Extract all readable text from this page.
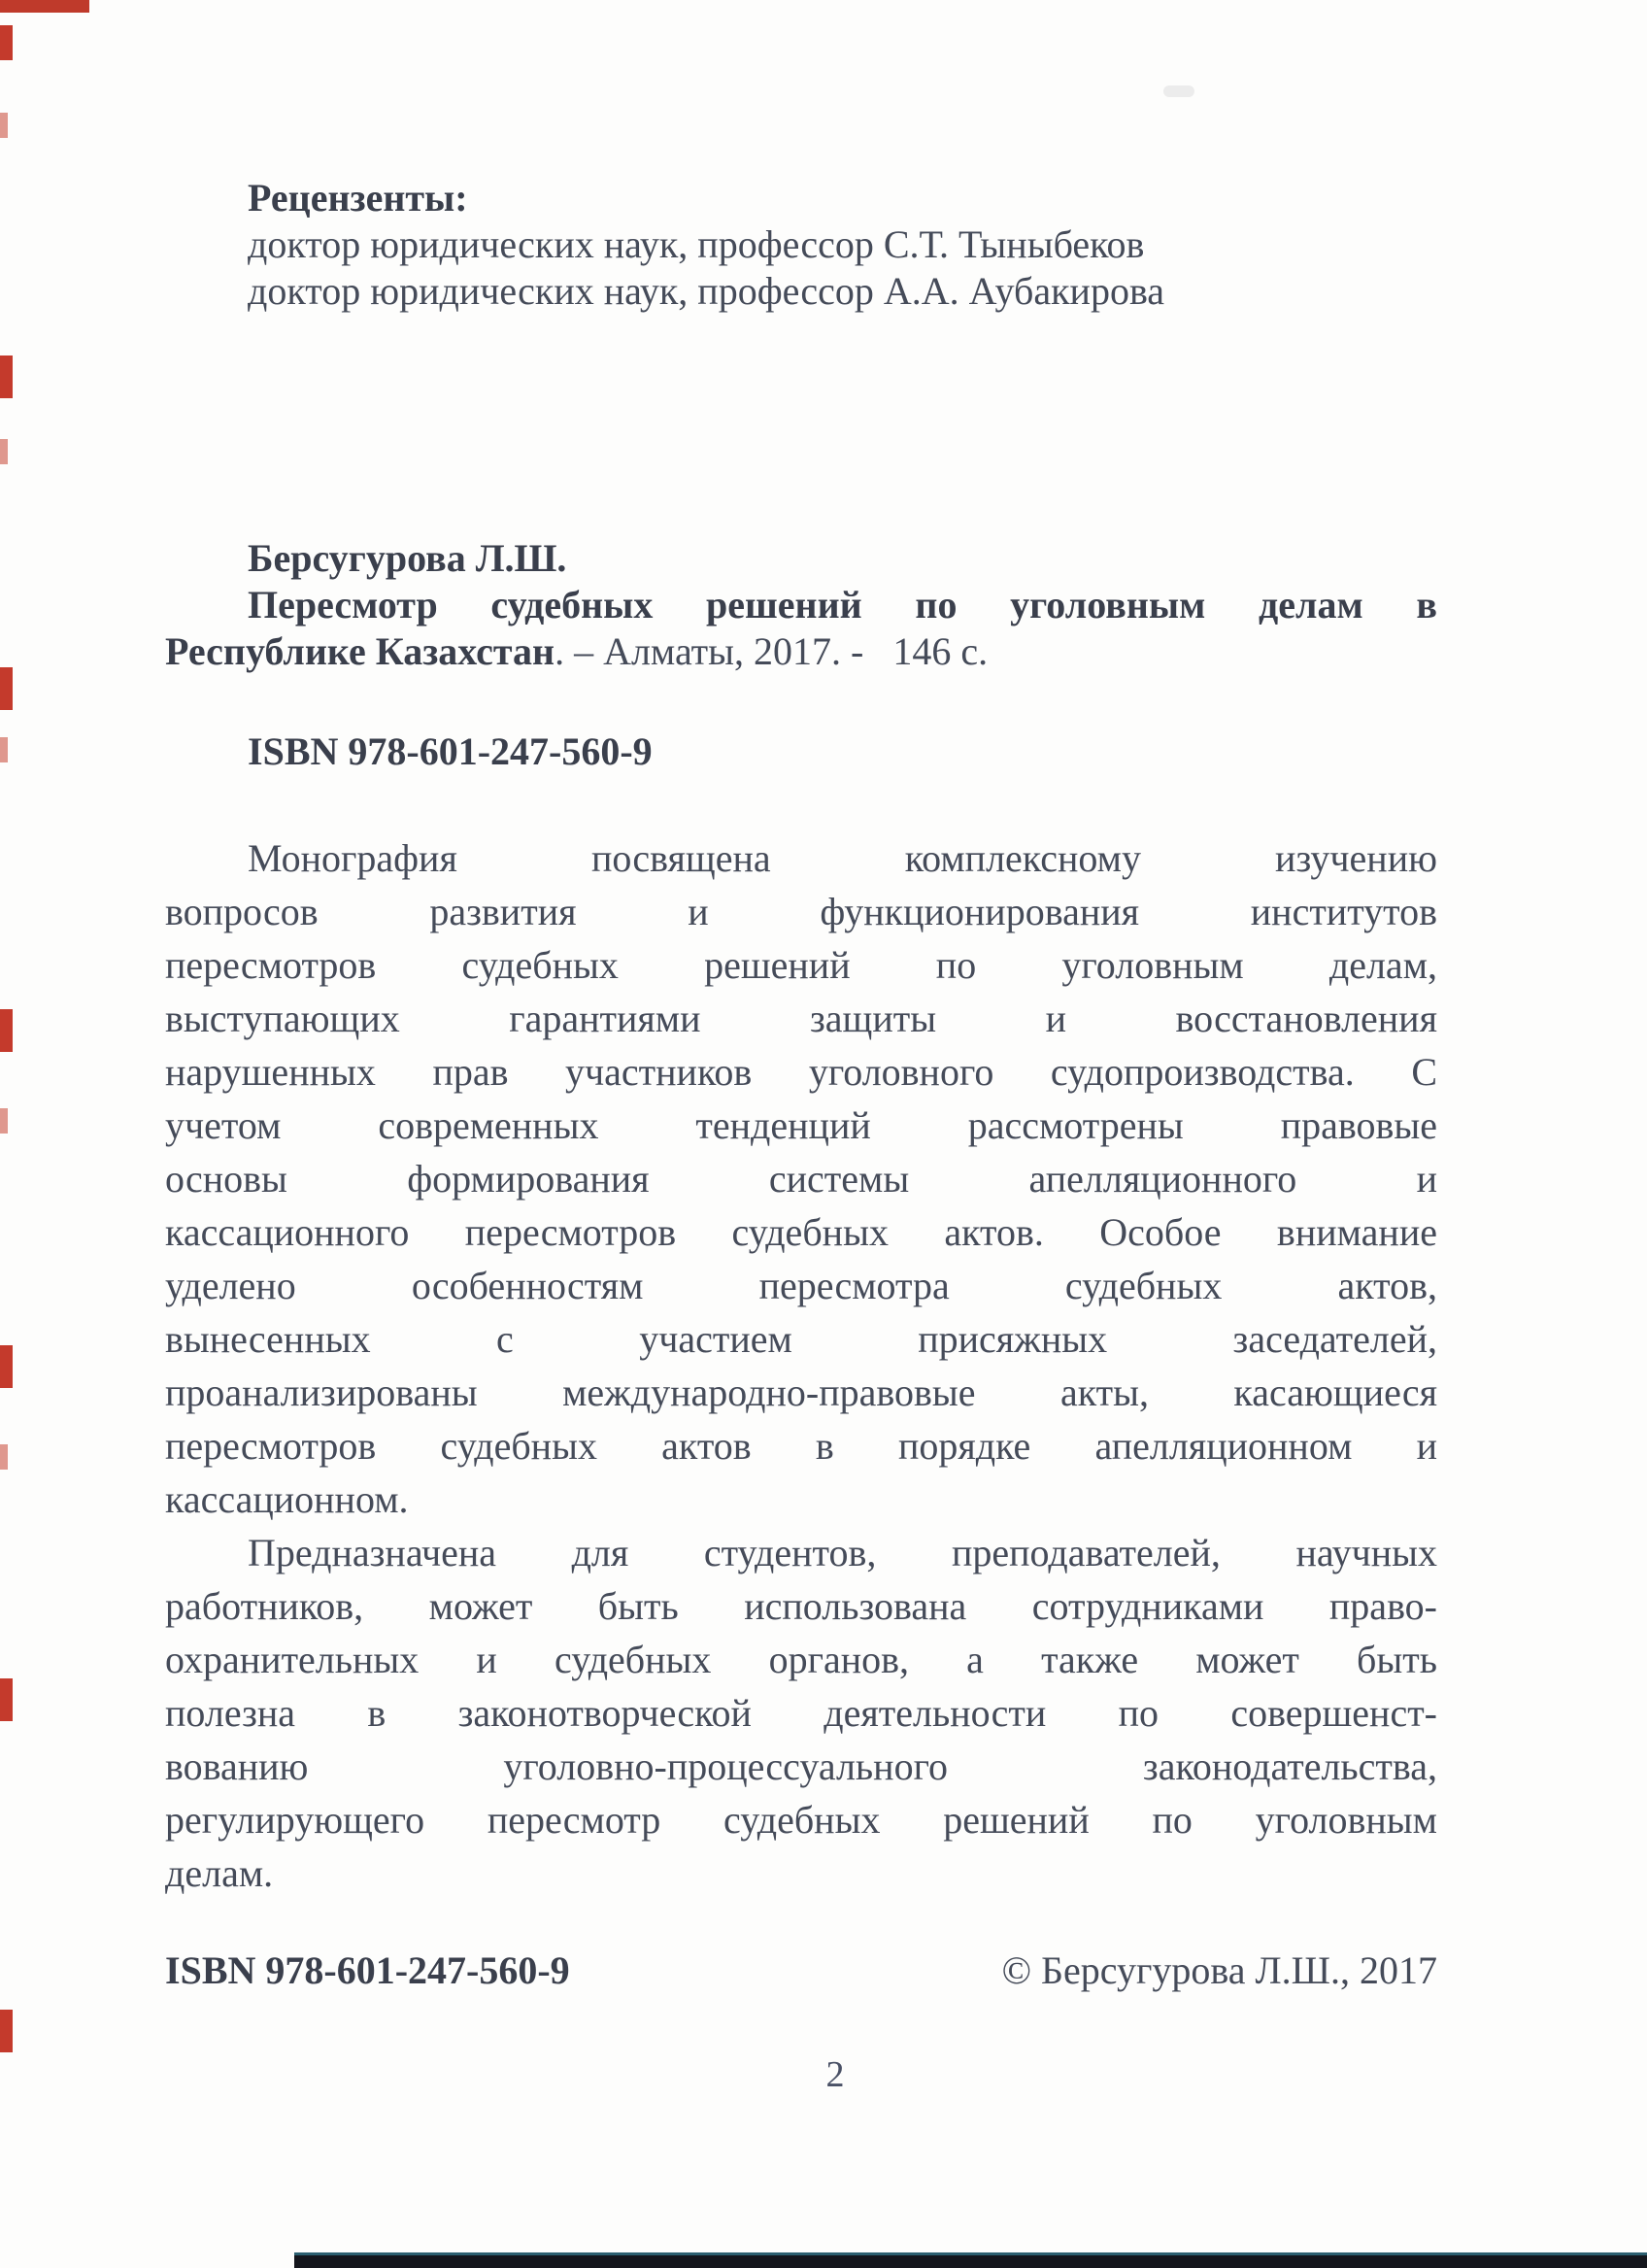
Рецензенты:
доктор юридических наук, профессор С.Т. Тыныбеков
доктор юридических наук, профессор А.А. Аубакирова
Берсугурова Л.Ш.
Пересмотр судебных решений по уголовным делам в
Республике Казахстан. – Алматы, 2017. -   146 с.
ISBN 978-601-247-560-9
Монография посвящена комплексному изучению
вопросов развития и функционирования институтов
пересмотров судебных решений по уголовным делам,
выступающих гарантиями защиты и восстановления
нарушенных прав участников уголовного судопроизводства. С
учетом современных тенденций рассмотрены правовые
основы формирования системы апелляционного и
кассационного пересмотров судебных актов. Особое внимание
уделено особенностям пересмотра судебных актов,
вынесенных с участием присяжных заседателей,
проанализированы международно-правовые акты, касающиеся
пересмотров судебных актов в порядке апелляционном и
кассационном.
Предназначена для студентов, преподавателей, научных
работников, может быть использована сотрудниками право-
охранительных и судебных органов, а также может быть
полезна в законотворческой деятельности по совершенст-
вованию уголовно-процессуального законодательства,
регулирующего пересмотр судебных решений по уголовным
делам.
ISBN 978-601-247-560-9	© Берсугурова Л.Ш., 2017
2
